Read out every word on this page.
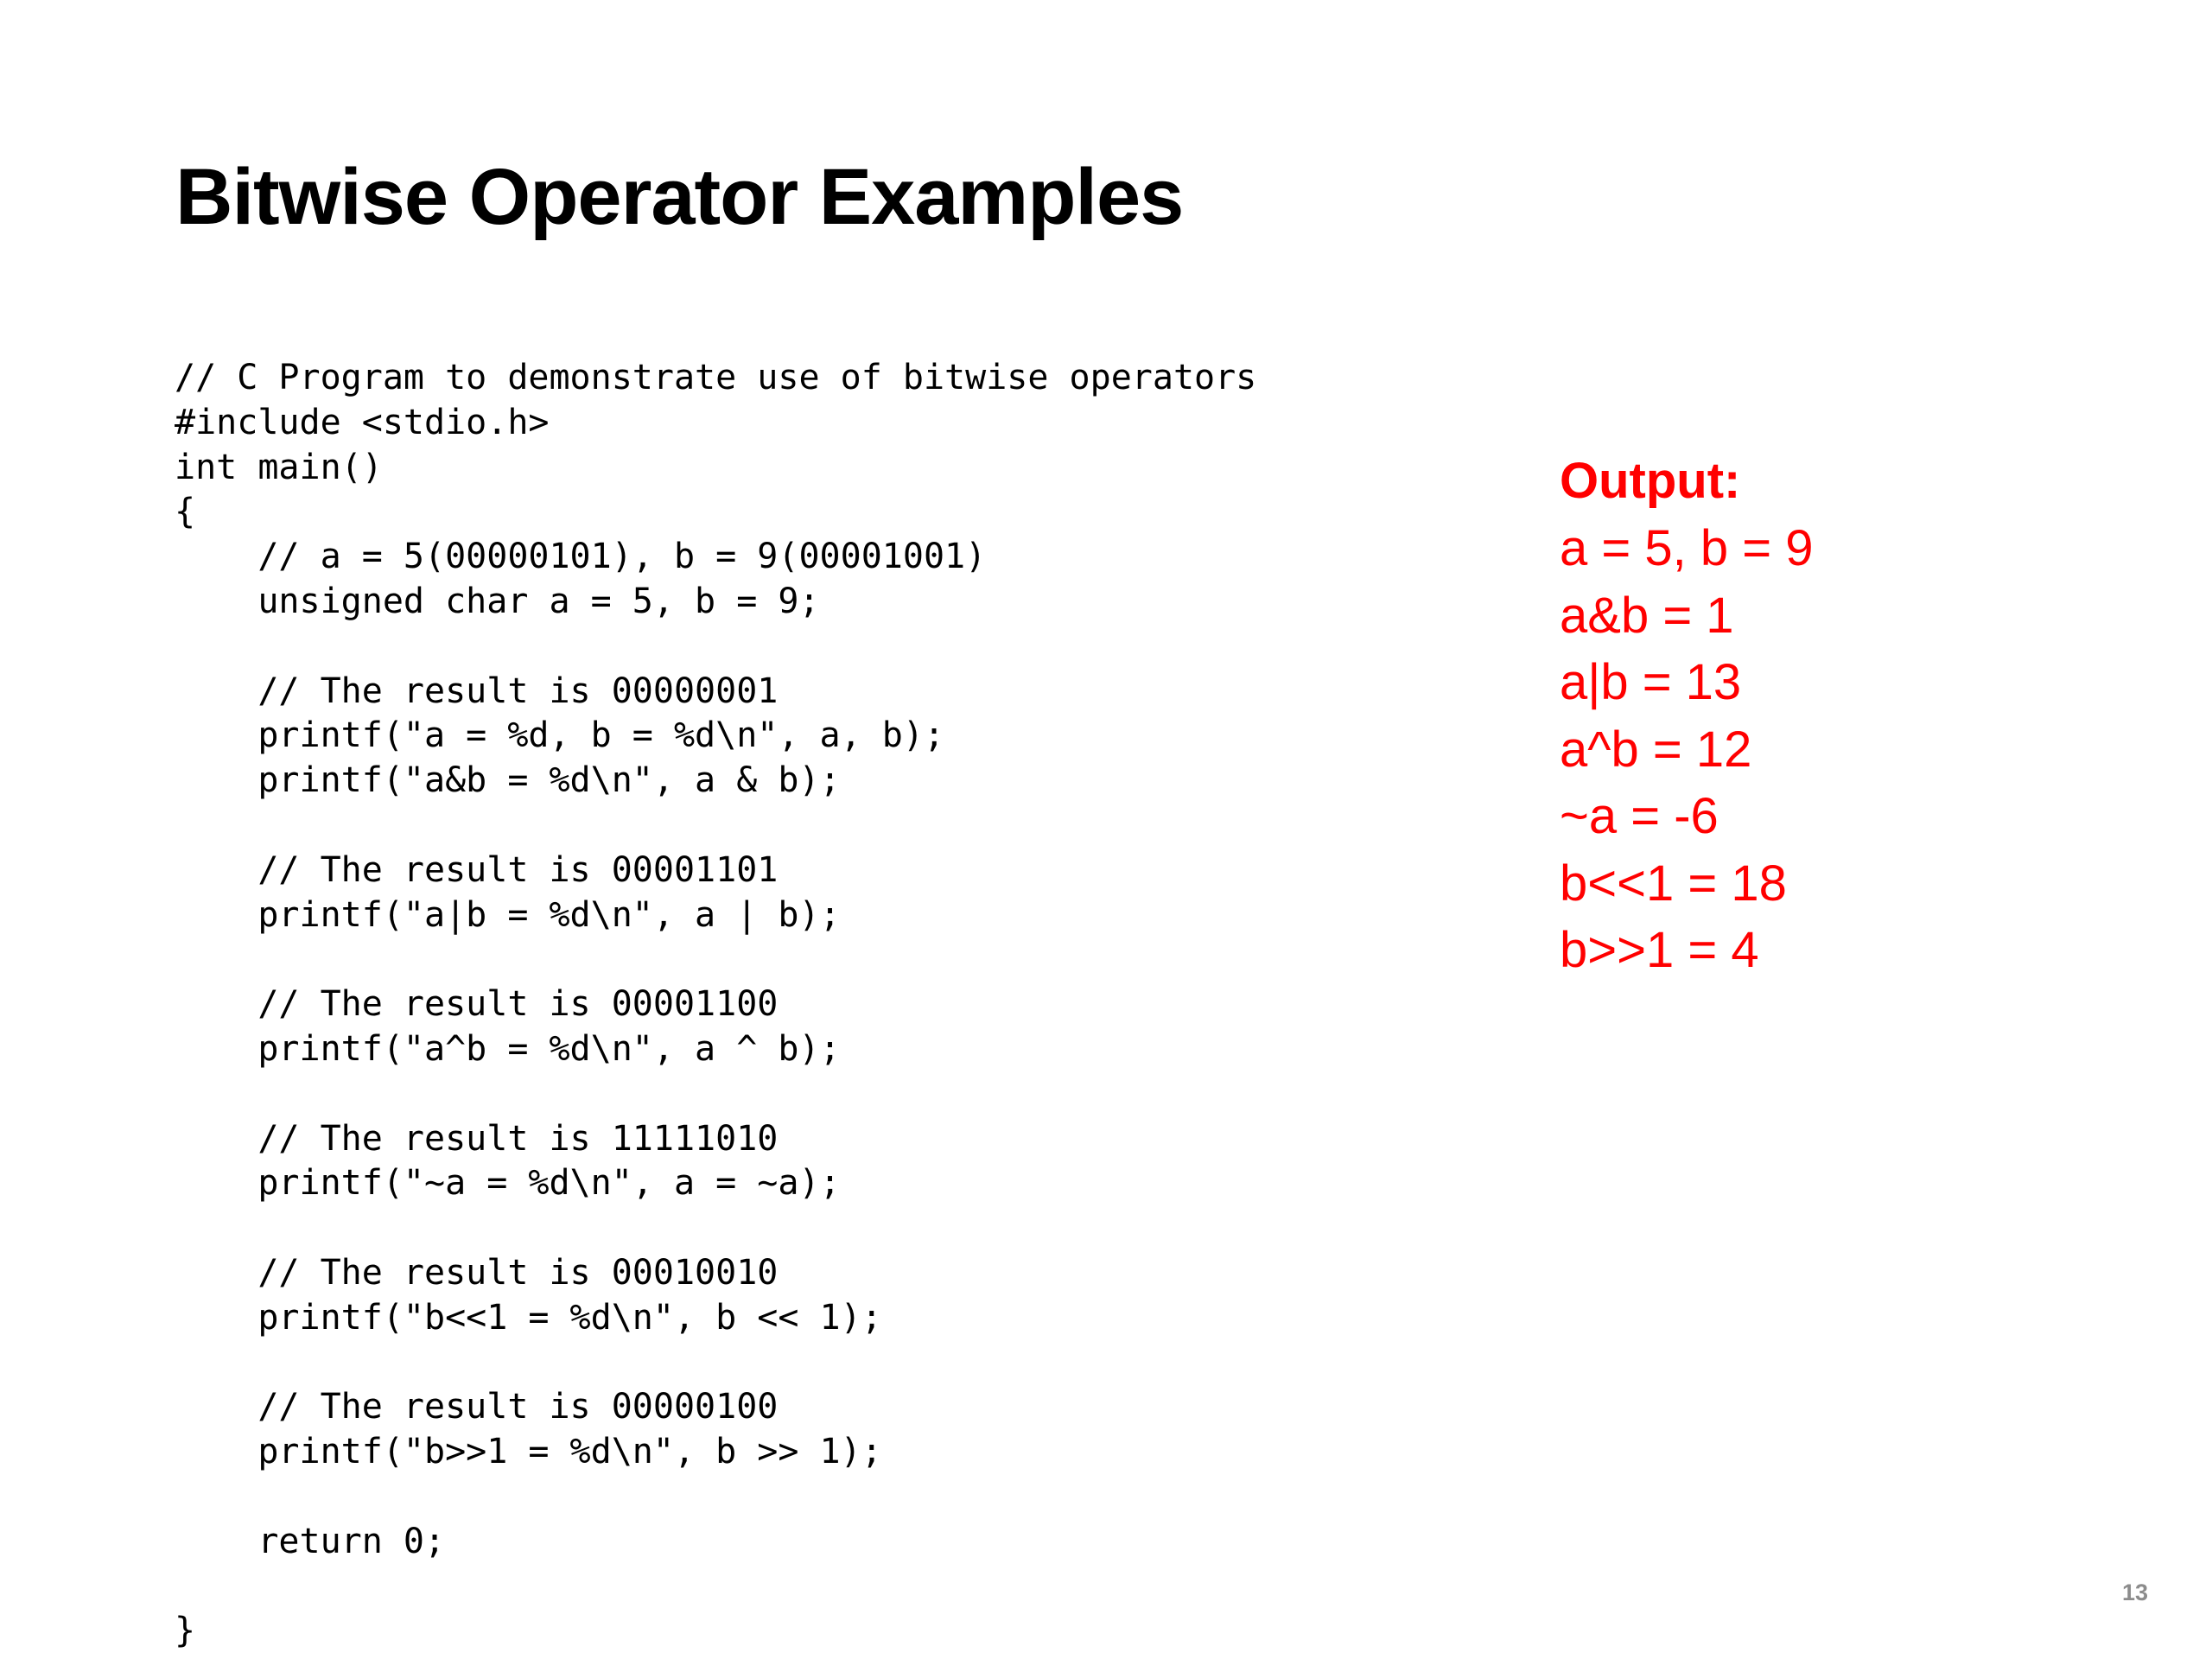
Bitwise Operator Examples
// C Program to demonstrate use of bitwise operators
#include <stdio.h>
int main()
{
// a = 5(00000101), b = 9(00001001)
unsigned char a = 5, b = 9;
// The result is 00000001
printf("a = %d, b = %d\n", a, b);
printf("a&b = %d\n", a & b);
// The result is 00001101
printf("a|b = %d\n", a | b);
// The result is 00001100
printf("a^b = %d\n", a ^ b);
// The result is 11111010
printf("~a = %d\n", a = ~a);
// The result is 00010010
printf("b<<1 = %d\n", b << 1);
// The result is 00000100
printf("b>>1 = %d\n", b >> 1);
return 0;
}
Output:
a = 5, b = 9
a&b = 1
a|b = 13
a^b = 12
~a = -6
b<<1 = 18
b>>1 = 4
13
